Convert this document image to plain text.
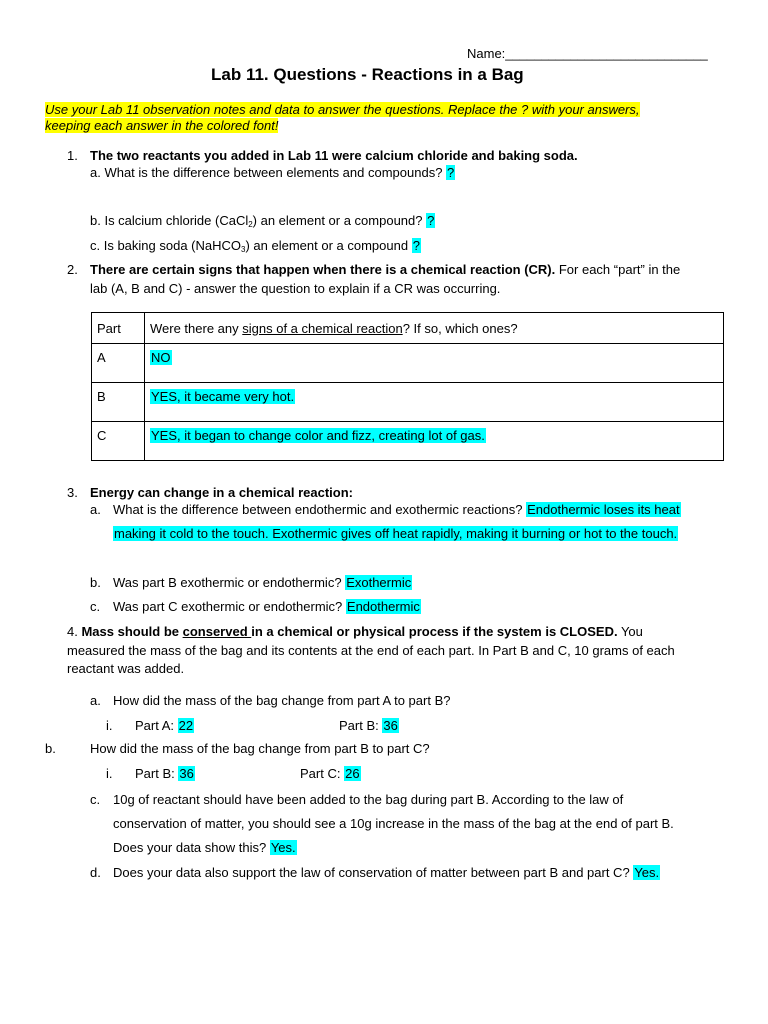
Name:____________________________
Lab 11. Questions - Reactions in a Bag
Use your Lab 11 observation notes and data to answer the questions. Replace the ? with your answers,
keeping each answer in the colored font!
1. The two reactants you added in Lab 11 were calcium chloride and baking soda.
a. What is the difference between elements and compounds? ?
b. Is calcium chloride (CaCl$_2$) an element or a compound? ?
c. Is baking soda (NaHCO$_3$) an element or a compound ?
2. There are certain signs that happen when there is a chemical reaction (CR). For each “part” in the
lab (A, B and C) - answer the question to explain if a CR was occurring.
Part	Were there any signs of a chemical reaction? If so, which ones?
A	NO
B	YES, it became very hot.
C	YES, it began to change color and fizz, creating lot of gas.
3. Energy can change in a chemical reaction:
a. What is the difference between endothermic and exothermic reactions? Endothermic loses its heat
making it cold to the touch. Exothermic gives off heat rapidly, making it burning or hot to the touch.
b. Was part B exothermic or endothermic? Exothermic
c. Was part C exothermic or endothermic? Endothermic
4. Mass should be conserved in a chemical or physical process if the system is CLOSED. You
measured the mass of the bag and its contents at the end of each part. In Part B and C, 10 grams of each
reactant was added.
a. How did the mass of the bag change from part A to part B?
i. Part A: 22	Part B: 36
b.	How did the mass of the bag change from part B to part C?
i. Part B: 36	Part C: 26
c. 10g of reactant should have been added to the bag during part B. According to the law of
conservation of matter, you should see a 10g increase in the mass of the bag at the end of part B.
Does your data show this? Yes.
d. Does your data also support the law of conservation of matter between part B and part C? Yes.
